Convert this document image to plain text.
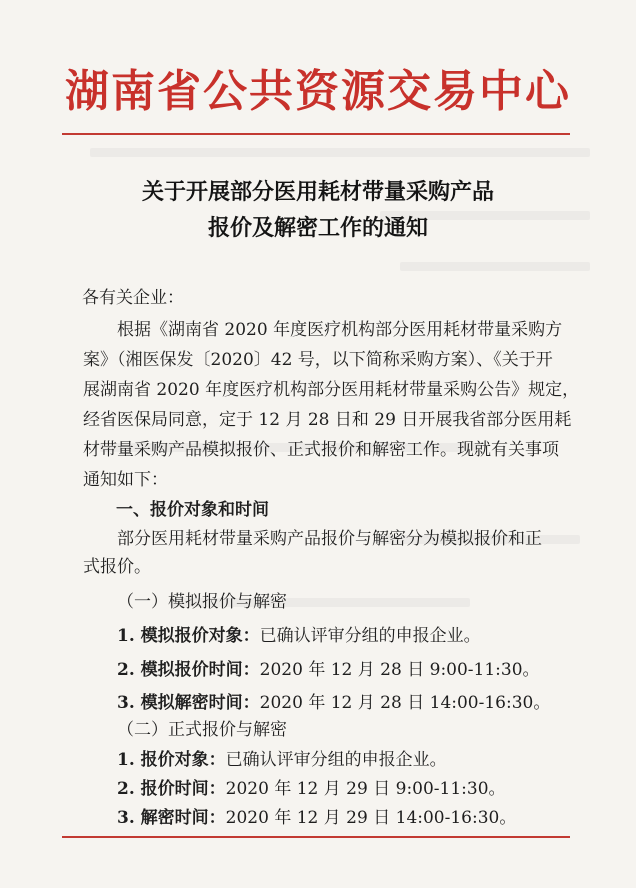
湖南省公共资源交易中心
关于开展部分医用耗材带量采购产品
报价及解密工作的通知
各有关企业：
根据《湖南省 2020 年度医疗机构部分医用耗材带量采购方
案》（湘医保发〔2020〕42 号，以下简称采购方案）、《关于开
展湖南省 2020 年度医疗机构部分医用耗材带量采购公告》规定，
经省医保局同意，定于 12 月 28 日和 29 日开展我省部分医用耗
材带量采购产品模拟报价、正式报价和解密工作。现就有关事项
通知如下：
一、报价对象和时间
部分医用耗材带量采购产品报价与解密分为模拟报价和正
式报价。
（一）模拟报价与解密
1. 模拟报价对象：已确认评审分组的申报企业。
2. 模拟报价时间：2020 年 12 月 28 日 9:00-11:30。
3. 模拟解密时间：2020 年 12 月 28 日 14:00-16:30。
（二）正式报价与解密
1. 报价对象：已确认评审分组的申报企业。
2. 报价时间：2020 年 12 月 29 日 9:00-11:30。
3. 解密时间：2020 年 12 月 29 日 14:00-16:30。
